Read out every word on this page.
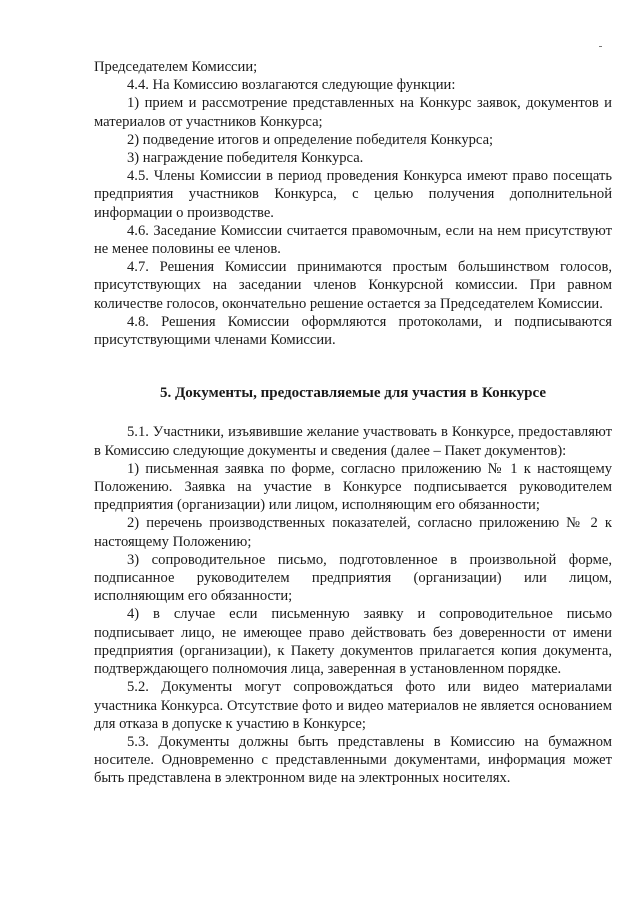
Председателем Комиссии;

4.4. На Комиссию возлагаются следующие функции:

1) прием и рассмотрение представленных на Конкурс заявок, документов и материалов от участников Конкурса;

2) подведение итогов и определение победителя Конкурса;

3) награждение победителя Конкурса.

4.5. Члены Комиссии в период проведения Конкурса имеют право посещать предприятия участников Конкурса, с целью получения дополнительной информации о производстве.

4.6. Заседание Комиссии считается правомочным, если на нем присутствуют не менее половины ее членов.

4.7. Решения Комиссии принимаются простым большинством голосов, присутствующих на заседании членов Конкурсной комиссии. При равном количестве голосов, окончательно решение остается за Председателем Комиссии.

4.8. Решения Комиссии оформляются протоколами, и подписываются присутствующими членами Комиссии.

5. Документы, предоставляемые для участия в Конкурсе

5.1. Участники, изъявившие желание участвовать в Конкурсе, предоставляют в Комиссию следующие документы и сведения (далее – Пакет документов):

1) письменная заявка по форме, согласно приложению № 1 к настоящему Положению. Заявка на участие в Конкурсе подписывается руководителем предприятия (организации) или лицом, исполняющим его обязанности;

2) перечень производственных показателей, согласно приложению № 2 к настоящему Положению;

3) сопроводительное письмо, подготовленное в произвольной форме, подписанное руководителем предприятия (организации) или лицом, исполняющим его обязанности;

4) в случае если письменную заявку и сопроводительное письмо подписывает лицо, не имеющее право действовать без доверенности от имени предприятия (организации), к Пакету документов прилагается копия документа, подтверждающего полномочия лица, заверенная в установленном порядке.

5.2. Документы могут сопровождаться фото или видео материалами участника Конкурса. Отсутствие фото и видео материалов не является основанием для отказа в допуске к участию в Конкурсе;

5.3. Документы должны быть представлены в Комиссию на бумажном носителе. Одновременно с представленными документами, информация может быть представлена в электронном виде на электронных носителях.
